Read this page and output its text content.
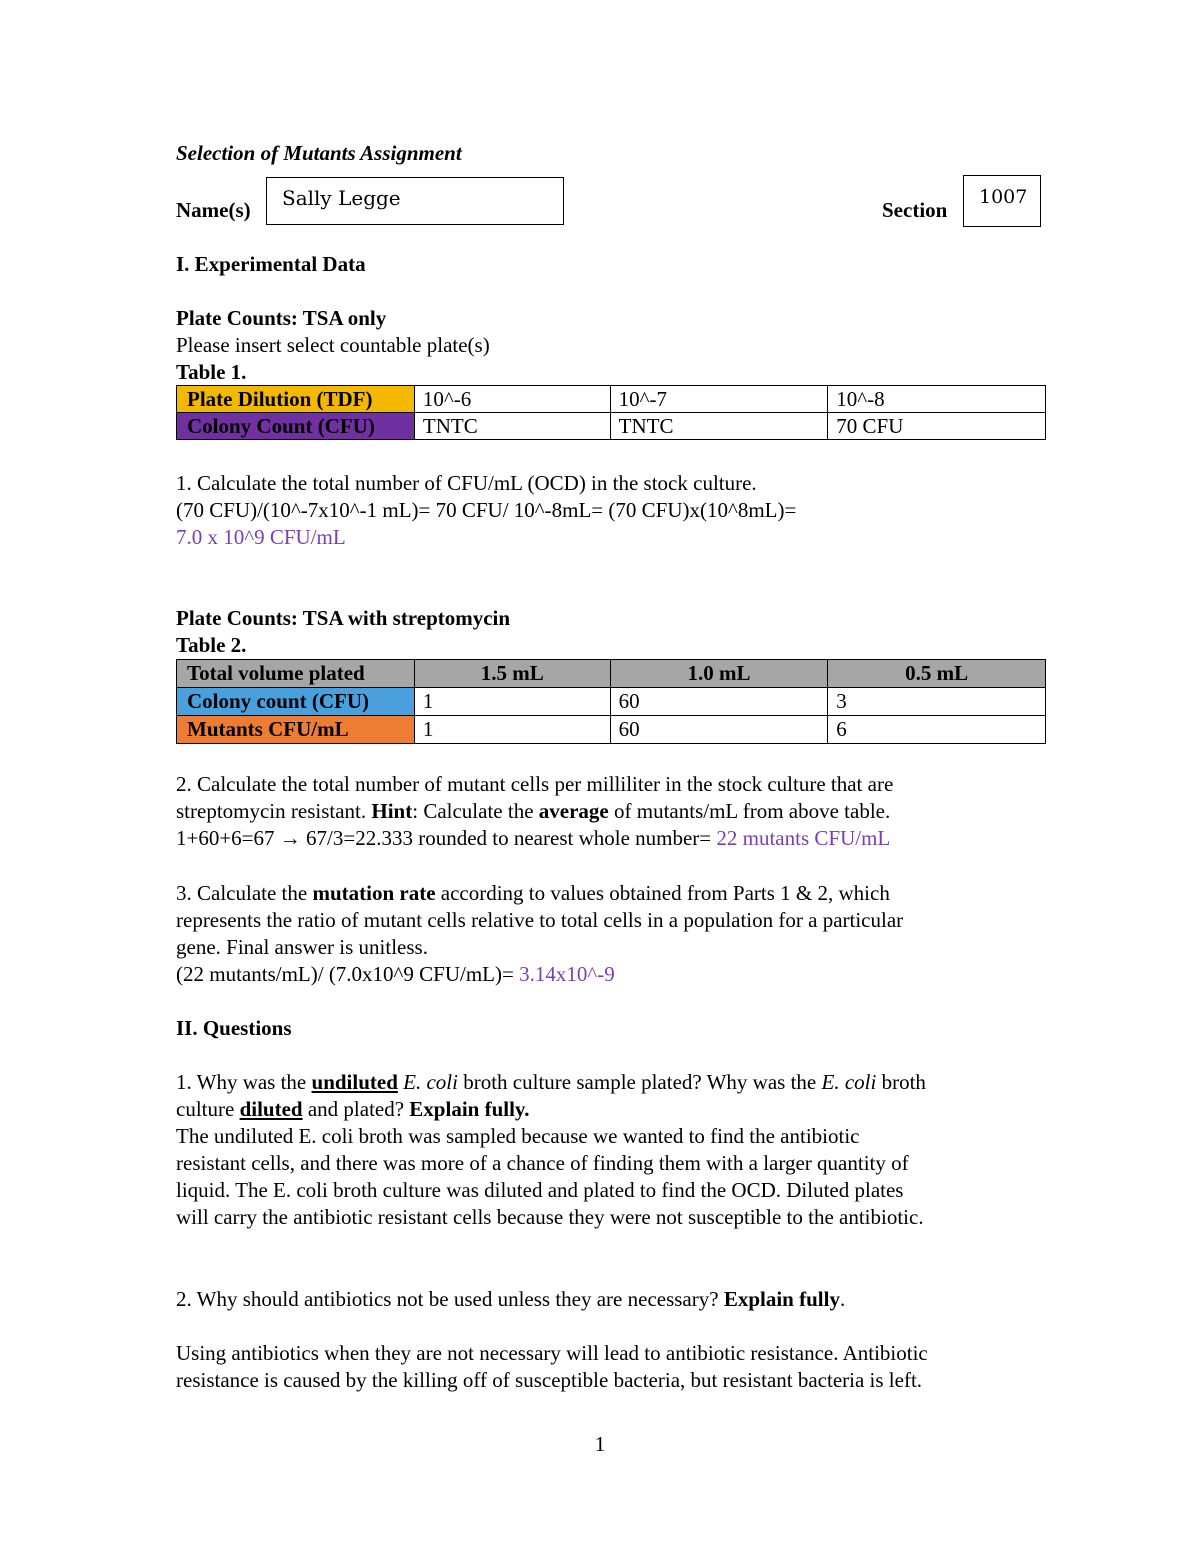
Selection of Mutants Assignment
Name(s) Sally Legge	Section
1007
I. Experimental Data
Plate Counts: TSA only
Please insert select countable plate(s)
Table 1.
Plate Dilution (TDF)	10^-6	10^-7	10^-8
Colony Count (CFU)	TNTC	TNTC	70 CFU
1. Calculate the total number of CFU/mL (OCD) in the stock culture.
(70 CFU)/(10^-7x10^-1 mL)= 70 CFU/ 10^-8mL= (70 CFU)x(10^8mL)=
7.0 x 10^9 CFU/mL
Plate Counts: TSA with streptomycin
Table 2.
Total volume plated	1.5 mL	1.0 mL	0.5 mL
Colony count (CFU)	1	60	3
Mutants CFU/mL	1	60	6
2. Calculate the total number of mutant cells per milliliter in the stock culture that are
streptomycin resistant. Hint: Calculate the average of mutants/mL from above table.
1+60+6=67 → 67/3=22.333 rounded to nearest whole number= 22 mutants CFU/mL
3. Calculate the mutation rate according to values obtained from Parts 1 & 2, which
represents the ratio of mutant cells relative to total cells in a population for a particular
gene. Final answer is unitless.
(22 mutants/mL)/ (7.0x10^9 CFU/mL)= 3.14x10^-9
II. Questions
1. Why was the undiluted E. coli broth culture sample plated? Why was the E. coli broth
culture diluted and plated? Explain fully.
The undiluted E. coli broth was sampled because we wanted to find the antibiotic
resistant cells, and there was more of a chance of finding them with a larger quantity of
liquid. The E. coli broth culture was diluted and plated to find the OCD. Diluted plates
will carry the antibiotic resistant cells because they were not susceptible to the antibiotic.
2. Why should antibiotics not be used unless they are necessary? Explain fully.
Using antibiotics when they are not necessary will lead to antibiotic resistance. Antibiotic
resistance is caused by the killing off of susceptible bacteria, but resistant bacteria is left.
1
